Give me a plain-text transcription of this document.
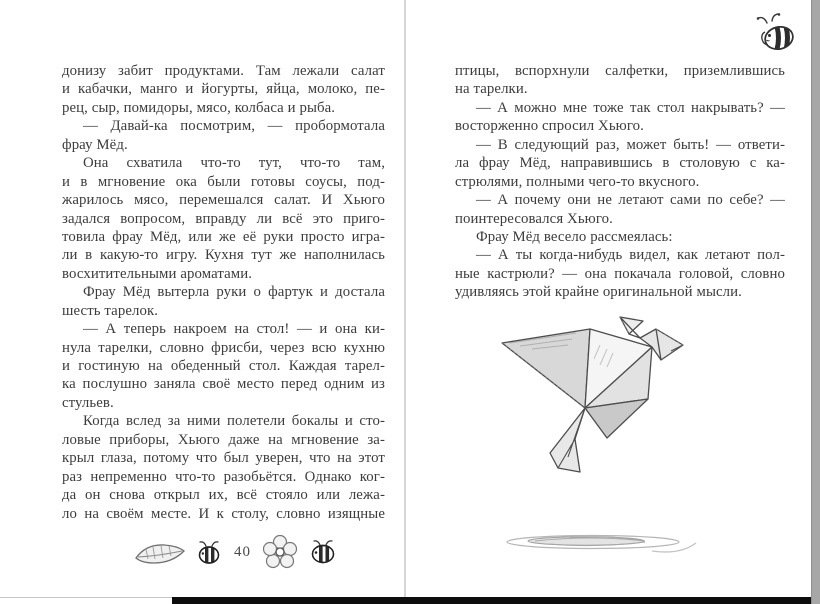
донизу забит продуктами. Там лежали салат
и кабачки, манго и йогурты, яйца, молоко, пе-
рец, сыр, помидоры, мясо, колбаса и рыба.
— Давай-ка посмотрим, — пробормотала
фрау Мёд.
Она схватила что-то тут, что-то там,
и в мгновение ока были готовы соусы, под-
жарилось мясо, перемешался салат. И Хьюго
задался вопросом, вправду ли всё это приго-
товила фрау Мёд, или же её руки просто игра-
ли в какую-то игру. Кухня тут же наполнилась
восхитительными ароматами.
Фрау Мёд вытерла руки о фартук и достала
шесть тарелок.
— А теперь накроем на стол! — и она ки-
нула тарелки, словно фрисби, через всю кухню
и гостиную на обеденный стол. Каждая тарел-
ка послушно заняла своё место перед одним из
стульев.
Когда вслед за ними полетели бокалы и сто-
ловые приборы, Хьюго даже на мгновение за-
крыл глаза, потому что был уверен, что на этот
раз непременно что-то разобьётся. Однако ког-
да он снова открыл их, всё стояло или лежа-
ло на своём месте. И к столу, словно изящные
птицы, вспорхнули салфетки, приземлившись
на тарелки.
— А можно мне тоже так стол накрывать? —
восторженно спросил Хьюго.
— В следующий раз, может быть! — ответи-
ла фрау Мёд, направившись в столовую с ка-
стрюлями, полными чего-то вкусного.
— А почему они не летают сами по себе? —
поинтересовался Хьюго.
Фрау Мёд весело рассмеялась:
— А ты когда-нибудь видел, как летают пол-
ные кастрюли? — она покачала головой, словно
удивляясь этой крайне оригинальной мысли.
40
